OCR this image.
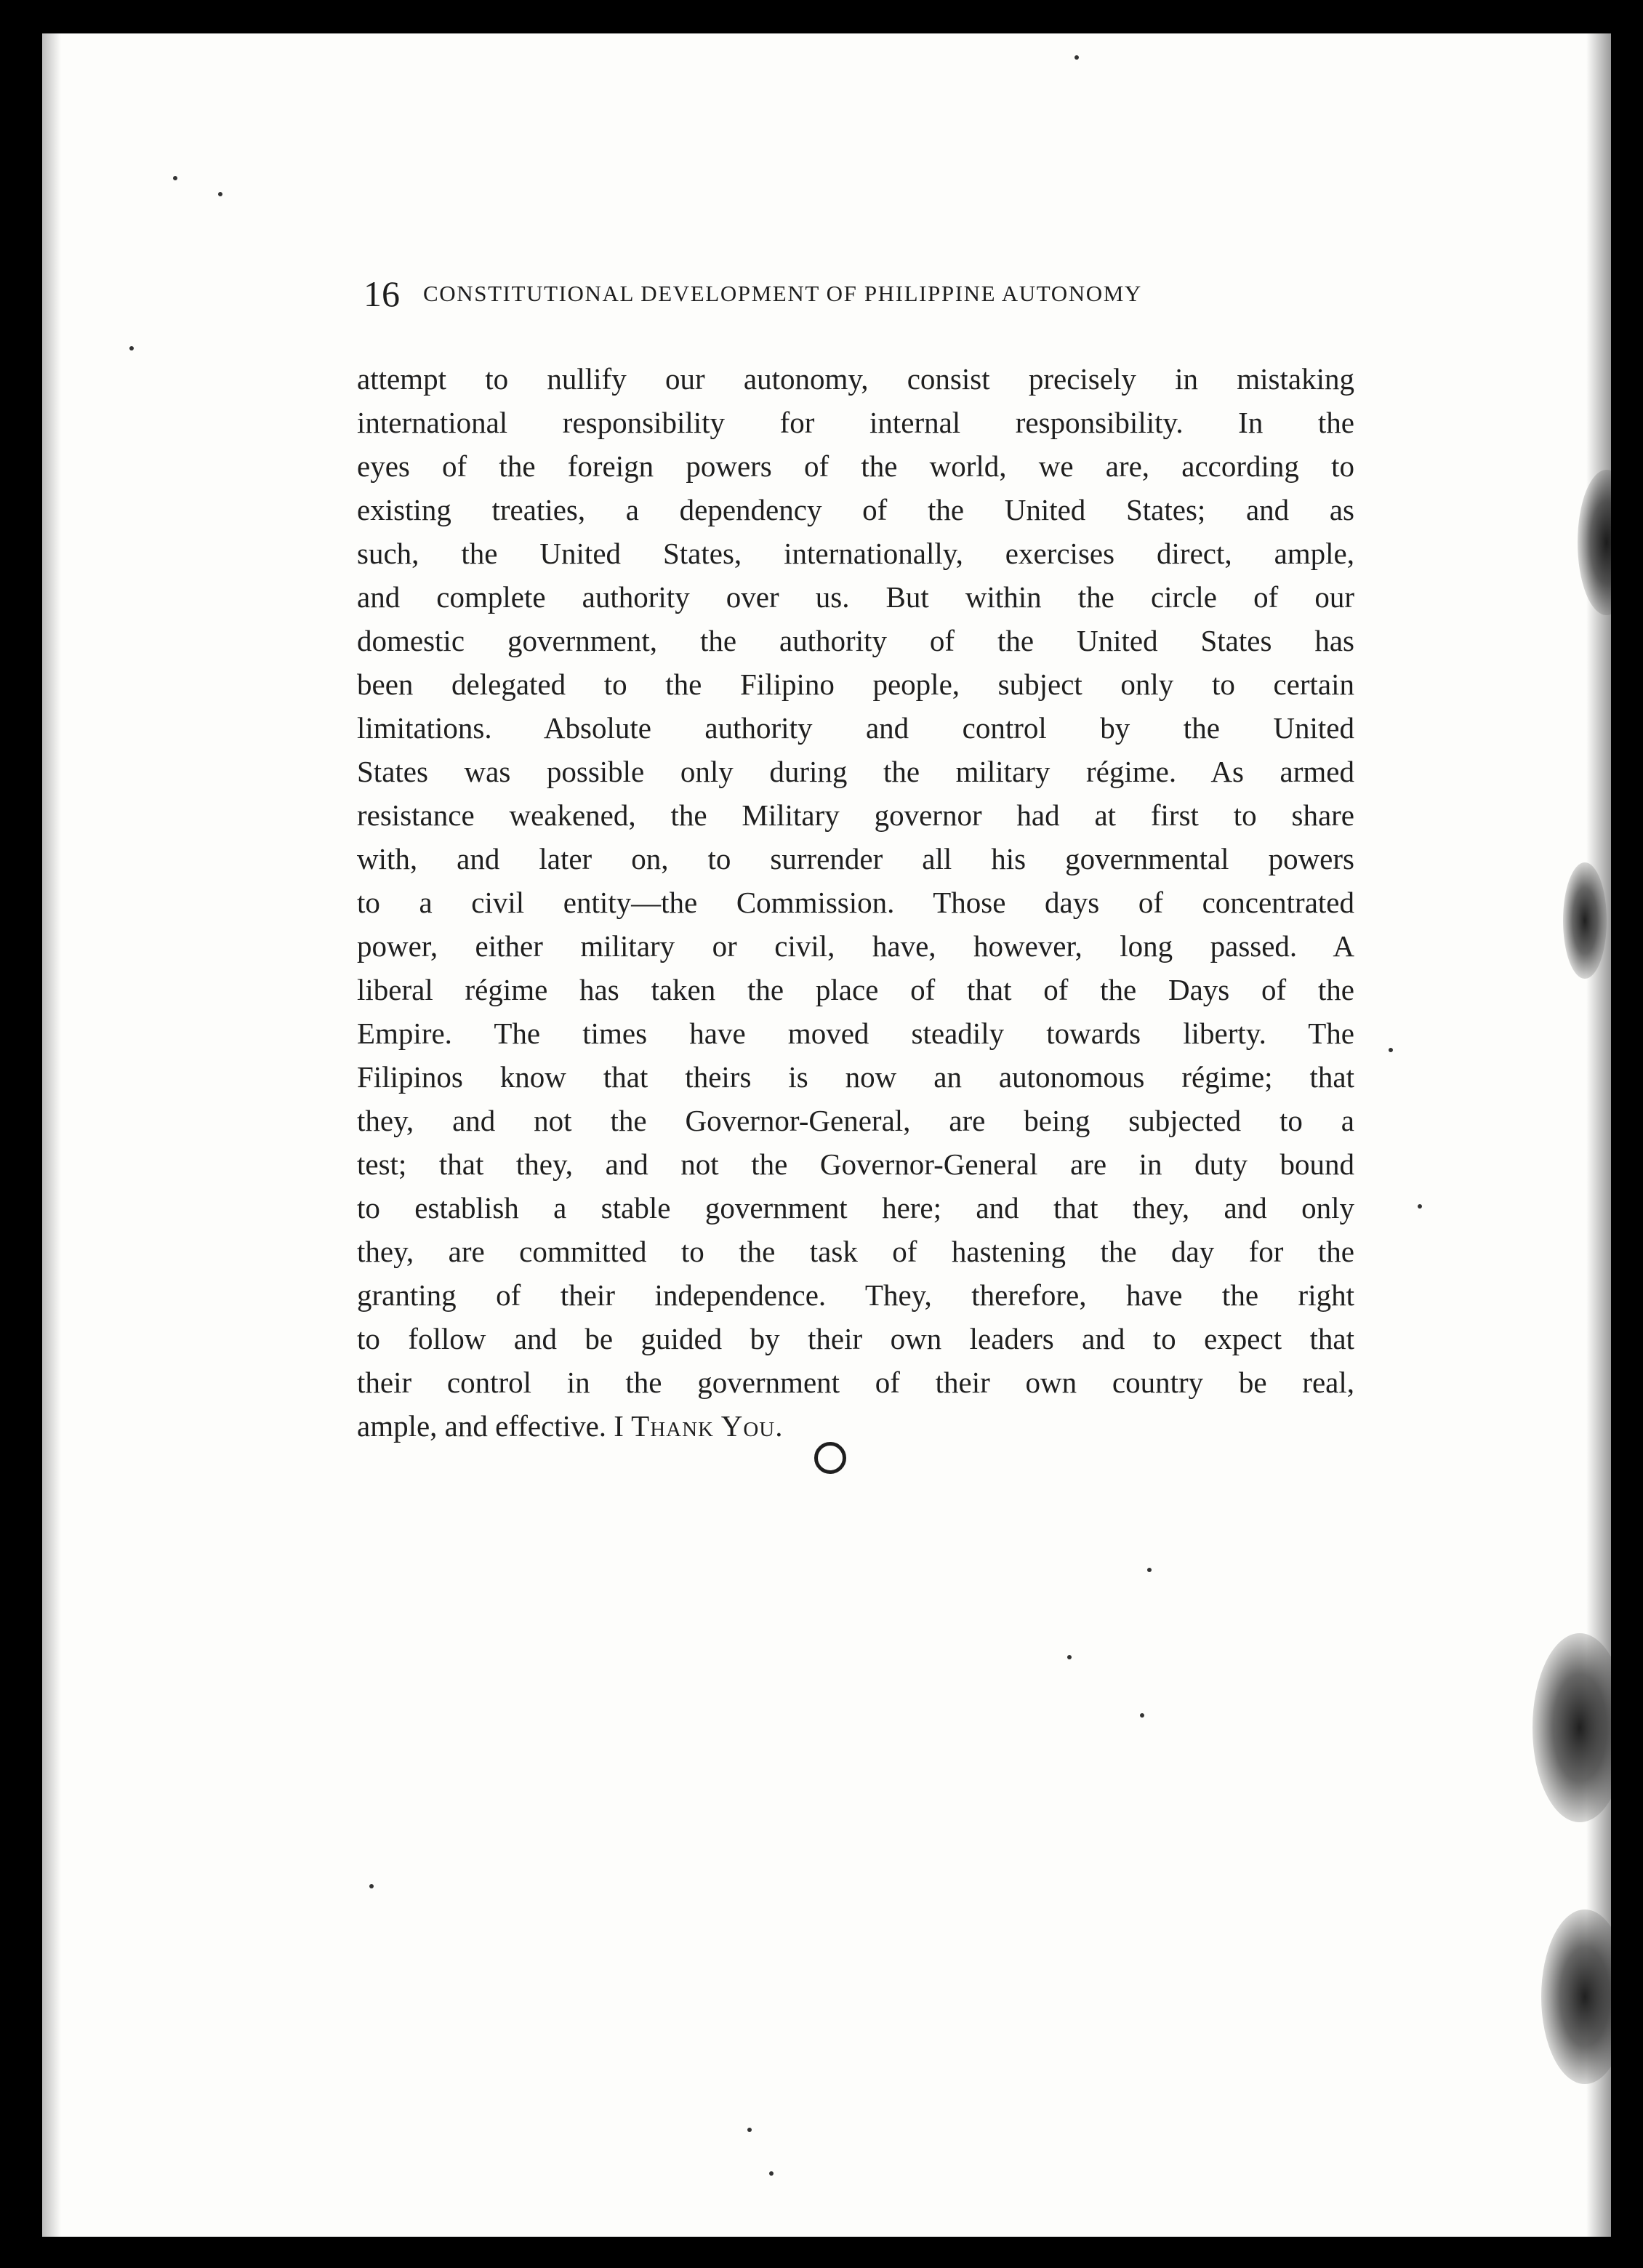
16 CONSTITUTIONAL DEVELOPMENT OF PHILIPPINE AUTONOMY
attempt to nullify our autonomy, consist precisely in mistaking
international responsibility for internal responsibility. In the
eyes of the foreign powers of the world, we are, according to
existing treaties, a dependency of the United States; and as
such, the United States, internationally, exercises direct, ample,
and complete authority over us. But within the circle of our
domestic government, the authority of the United States has
been delegated to the Filipino people, subject only to certain
limitations. Absolute authority and control by the United
States was possible only during the military régime. As armed
resistance weakened, the Military governor had at first to share
with, and later on, to surrender all his governmental powers
to a civil entity—the Commission. Those days of concentrated
power, either military or civil, have, however, long passed. A
liberal régime has taken the place of that of the Days of the
Empire. The times have moved steadily towards liberty. The
Filipinos know that theirs is now an autonomous régime; that
they, and not the Governor-General, are being subjected to a
test; that they, and not the Governor-General are in duty bound
to establish a stable government here; and that they, and only
they, are committed to the task of hastening the day for the
granting of their independence. They, therefore, have the right
to follow and be guided by their own leaders and to expect that
their control in the government of their own country be real,
ample, and effective. I Thank You.
